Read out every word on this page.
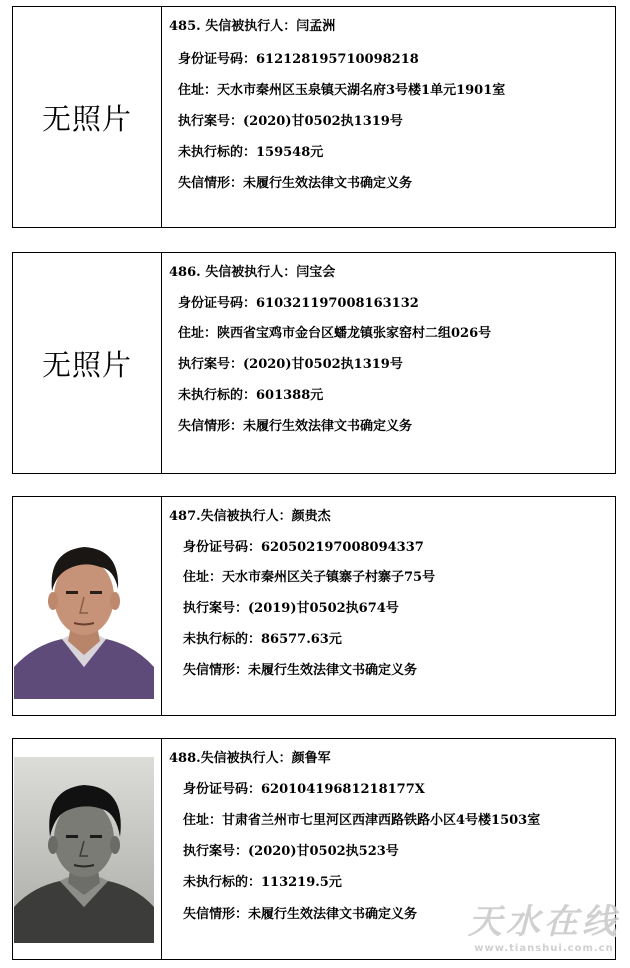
无照片
485. 失信被执行人：闫孟洲
身份证号码：612128195710098218
住址：天水市秦州区玉泉镇天湖名府3号楼1单元1901室
执行案号：(2020)甘0502执1319号
未执行标的：159548元
失信情形：未履行生效法律文书确定义务
无照片
486. 失信被执行人：闫宝会
身份证号码：610321197008163132
住址：陕西省宝鸡市金台区蟠龙镇张家窑村二组026号
执行案号：(2020)甘0502执1319号
未执行标的：601388元
失信情形：未履行生效法律文书确定义务
487.失信被执行人：颜贵杰
身份证号码：620502197008094337
住址：天水市秦州区关子镇寨子村寨子75号
执行案号：(2019)甘0502执674号
未执行标的：86577.63元
失信情形：未履行生效法律文书确定义务
488.失信被执行人：颜鲁军
身份证号码：62010419681218177X
住址：甘肃省兰州市七里河区西津西路铁路小区4号楼1503室
执行案号：(2020)甘0502执523号
未执行标的：113219.5元
失信情形：未履行生效法律文书确定义务 天水在线
www.tianshui.com.cn
